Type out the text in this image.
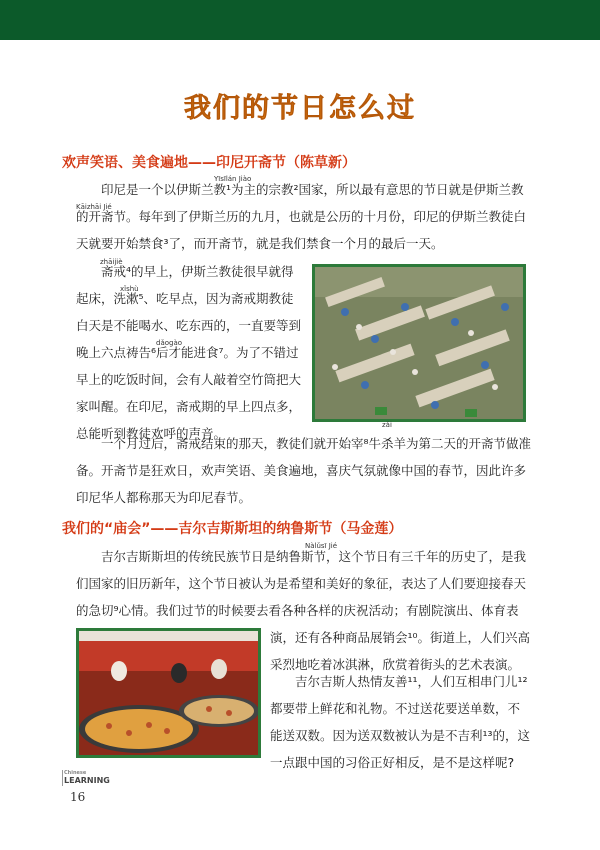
我们的节日怎么过
欢声笑语、美食遍地——印尼开斋节（陈草新）
Yīsīlán Jiào
Kāizhāi Jié
印尼是一个以伊斯兰教¹为主的宗教²国家，所以最有意思的节日就是伊斯兰教
的开斋节。每年到了伊斯兰历的九月，也就是公历的十月份，印尼的伊斯兰教徒白
天就要开始禁食³了，而开斋节，就是我们禁食一个月的最后一天。
zhāijiè
xǐshù
dǎogào
斋戒⁴的早上，伊斯兰教徒很早就得
起床，洗漱⁵、吃早点，因为斋戒期教徒
白天是不能喝水、吃东西的，一直要等到
晚上六点祷告⁶后才能进食⁷。为了不错过
早上的吃饭时间，会有人敲着空竹筒把大
家叫醒。在印尼，斋戒期的早上四点多，
总能听到教徒欢呼的声音。
zǎi
一个月过后，斋戒结束的那天，教徒们就开始宰⁸牛杀羊为第二天的开斋节做准
备。开斋节是狂欢日，欢声笑语、美食遍地，喜庆气氛就像中国的春节，因此许多
印尼华人都称那天为印尼春节。
我们的“庙会”——吉尔吉斯斯坦的纳鲁斯节（马金莲）
Nàlǔsī Jié
吉尔吉斯斯坦的传统民族节日是纳鲁斯节，这个节日有三千年的历史了，是我
们国家的旧历新年，这个节日被认为是希望和美好的象征，表达了人们要迎接春天
的急切⁹心情。我们过节的时候要去看各种各样的庆祝活动；有剧院演出、体育表
演，还有各种商品展销会¹⁰。街道上，人们兴高
采烈地吃着冰淇淋，欣赏着街头的艺术表演。
吉尔吉斯人热情友善¹¹，人们互相串门儿¹²
都要带上鲜花和礼物。不过送花要送单数，不
能送双数。因为送双数被认为是不吉利¹³的，这
一点跟中国的习俗正好相反，是不是这样呢?
Chinese
LEARNING
16
